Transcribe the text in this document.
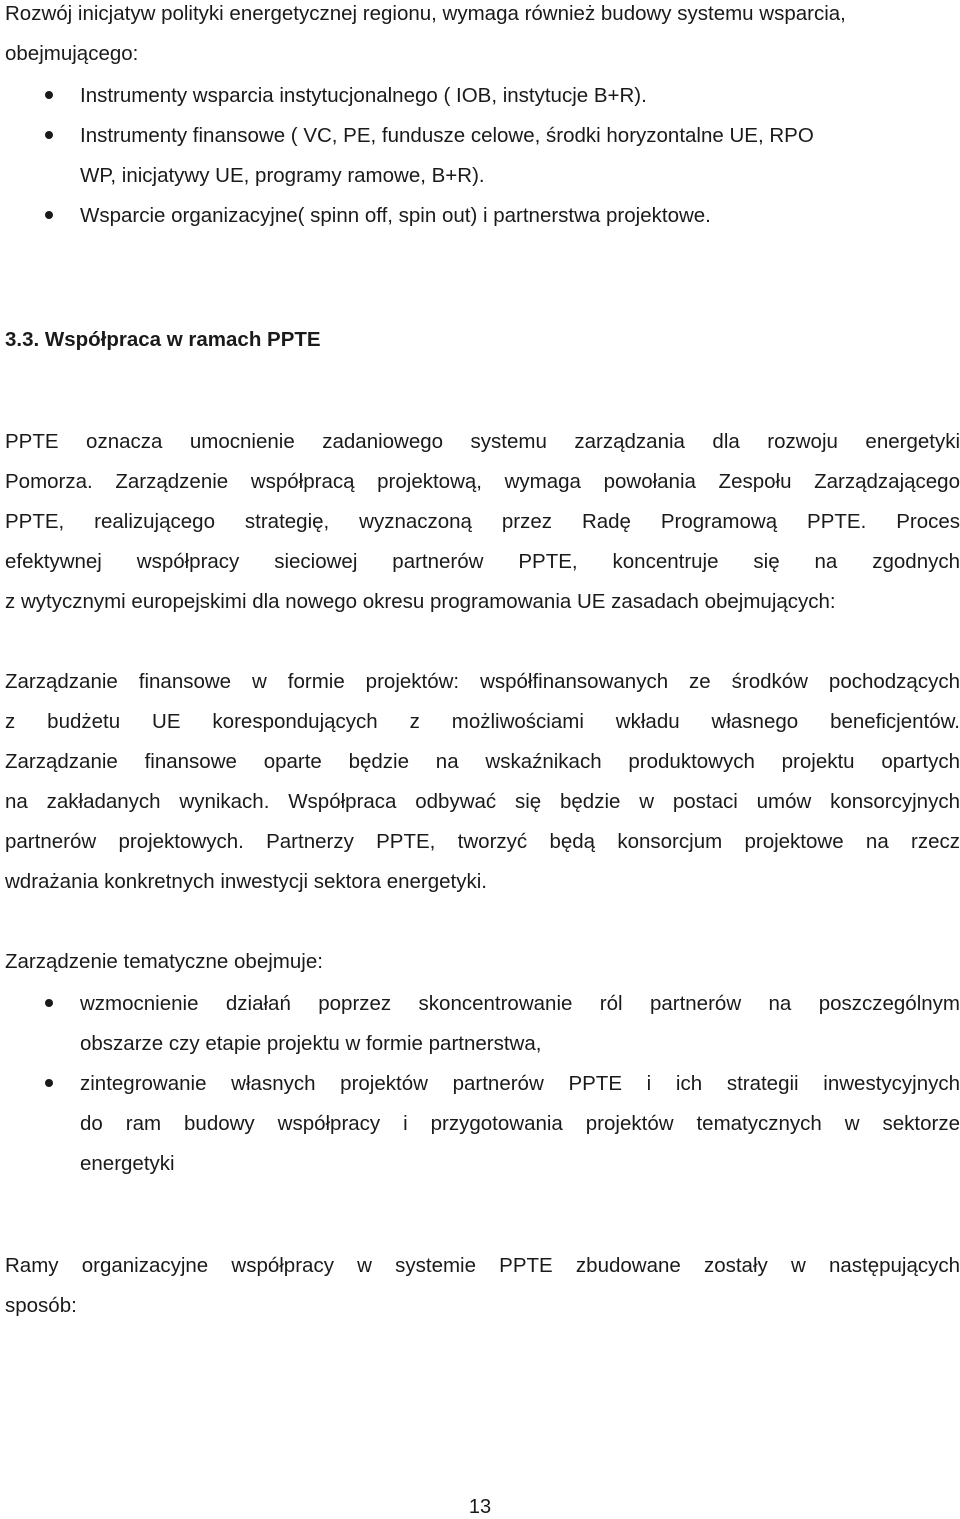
Rozwój inicjatyw polityki energetycznej regionu, wymaga również budowy systemu wsparcia,
obejmującego:
Instrumenty wsparcia instytucjonalnego ( IOB, instytucje B+R).
Instrumenty finansowe ( VC, PE, fundusze celowe, środki horyzontalne UE, RPO
WP, inicjatywy UE, programy ramowe, B+R).
Wsparcie organizacyjne( spinn off, spin out) i partnerstwa projektowe.
3.3. Współpraca w ramach PPTE
PPTE oznacza umocnienie zadaniowego systemu zarządzania dla rozwoju energetyki
Pomorza. Zarządzenie współpracą projektową, wymaga powołania Zespołu Zarządzającego
PPTE, realizującego strategię, wyznaczoną przez Radę Programową PPTE. Proces
efektywnej współpracy sieciowej partnerów PPTE, koncentruje się na zgodnych
z wytycznymi europejskimi dla nowego okresu programowania UE zasadach obejmujących:
Zarządzanie finansowe w formie projektów: współfinansowanych ze środków pochodzących
z budżetu UE korespondujących z możliwościami wkładu własnego beneficjentów.
Zarządzanie finansowe oparte będzie na wskaźnikach produktowych projektu opartych
na zakładanych wynikach. Współpraca odbywać się będzie w postaci umów konsorcyjnych
partnerów projektowych. Partnerzy PPTE, tworzyć będą konsorcjum projektowe na rzecz
wdrażania konkretnych inwestycji sektora energetyki.
Zarządzenie tematyczne obejmuje:
wzmocnienie działań poprzez skoncentrowanie ról partnerów na poszczególnym
obszarze czy etapie projektu w formie partnerstwa,
zintegrowanie własnych projektów partnerów PPTE i ich strategii inwestycyjnych
do ram budowy współpracy i przygotowania projektów tematycznych w sektorze
energetyki
Ramy organizacyjne współpracy w systemie PPTE zbudowane zostały w następujących
sposób:
13
